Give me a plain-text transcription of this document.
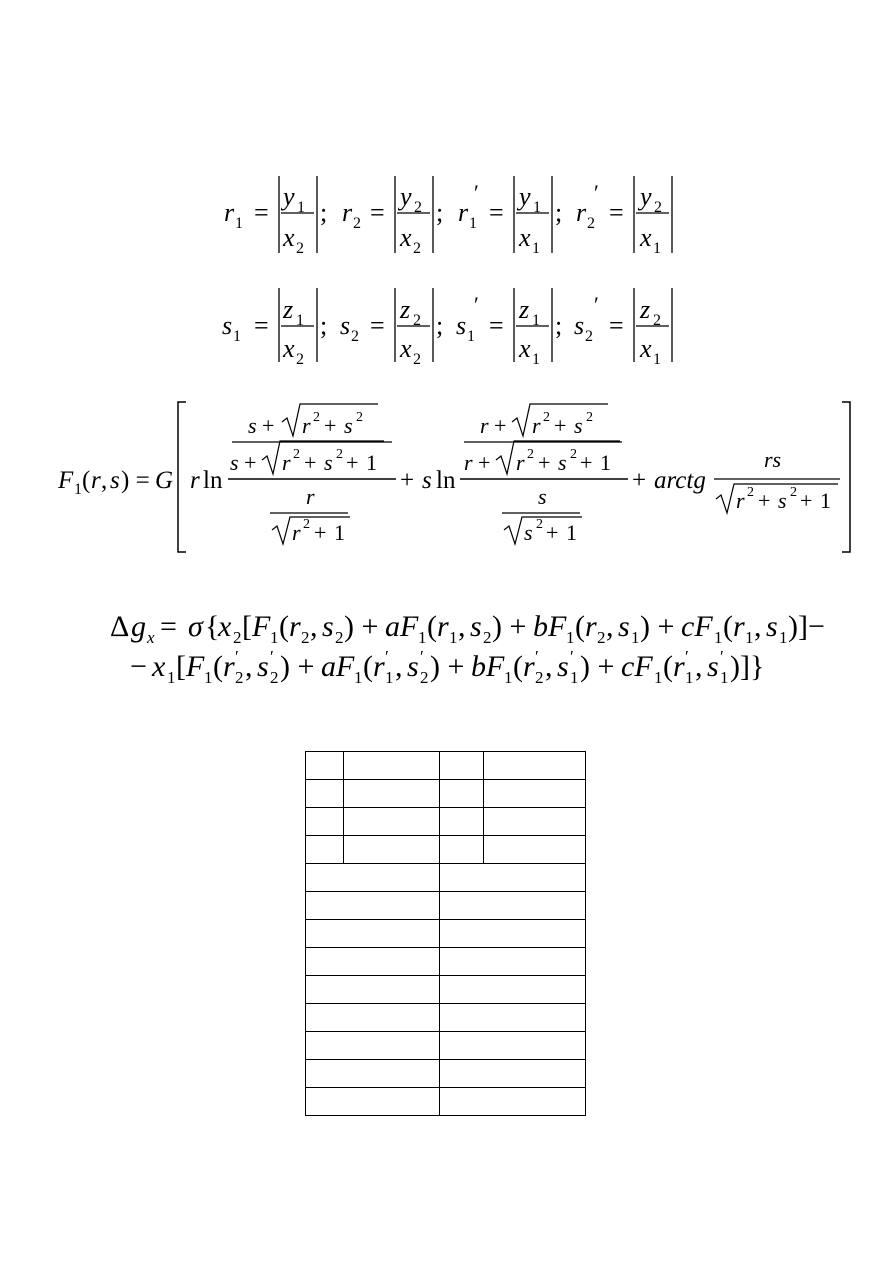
r 1 =
y 1
x 2
; r 2 =
y 2
x 2
; r 1
′
=
y 1
x 1
; r 2
′
=
y 2
x 1
s 1 =
z 1
x 2
; s 2 =
z 2
x 2
; s 1
′
=
z 1
x 1
; s 2
′
=
z 2
x 1
F 1 ( r , s ) = G r ln
s + r 2 + s 2
s + r 2 + s 2 + 1
r
r 2 + 1
+ s ln
r + r 2 + s 2
r + r 2 + s 2 + 1
s
s 2 + 1
+ arctg
rs
r 2 + s 2 + 1
Δ g x = σ {
x 2 [ F 1 ( r 2 , s 2 ) + aF 1 ( r 1 , s 2 ) + bF 1 ( r 2 , s 1 ) + cF 1 ( r 1 , s 1 )]−
− x 1 [ F 1 ( r ′
2 , s ′
2 ) + aF 1 ( r ′
1 , s ′
2 ) + bF 1 ( r ′
2 , s ′
1 ) + cF 1 ( r ′
1 , s ′
1 )]}
